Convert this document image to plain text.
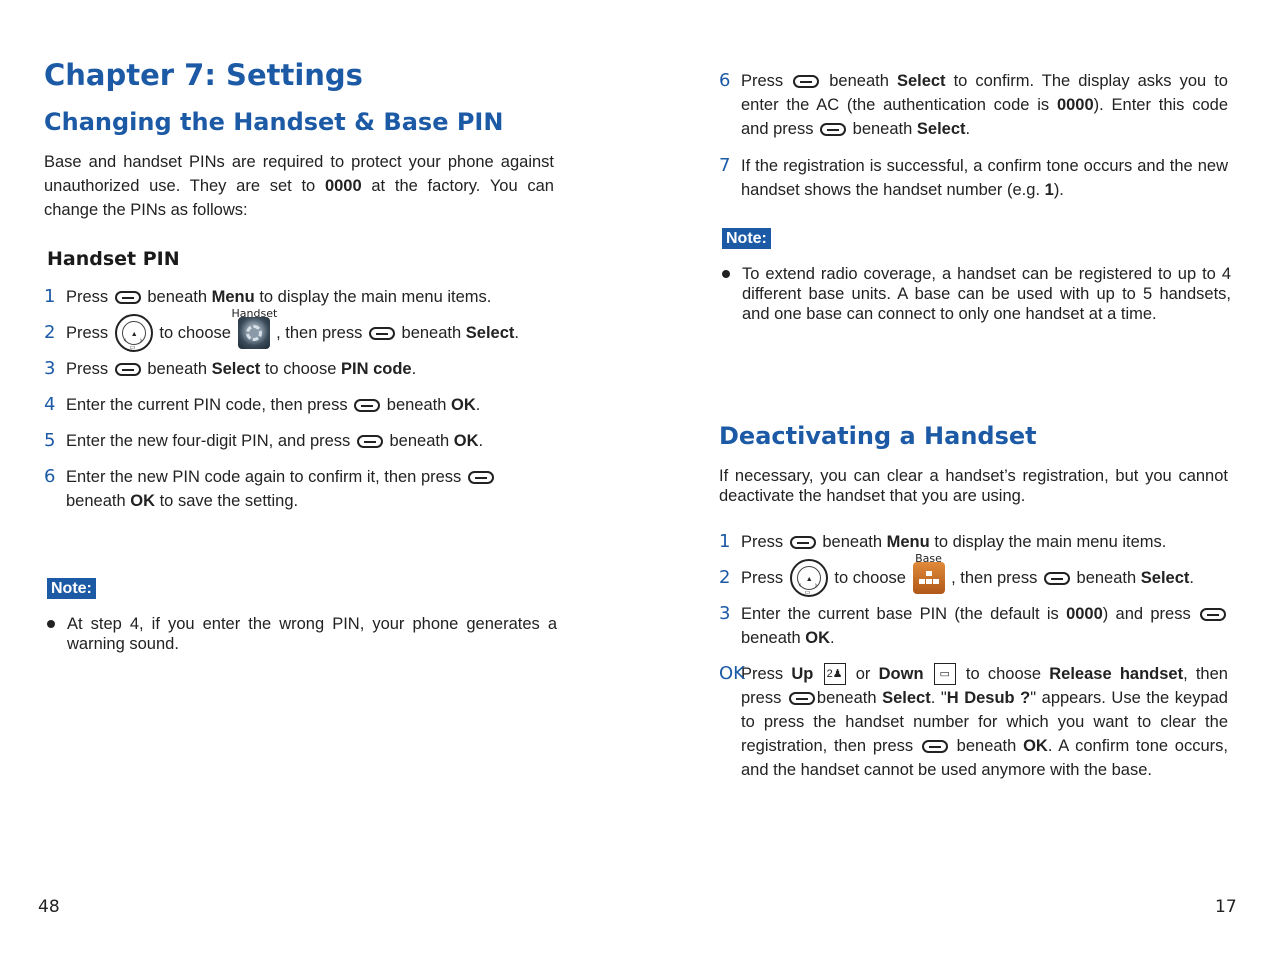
Chapter 7: Settings
Changing the Handset & Base PIN

Base and handset PINs are required to protect your phone against unauthorized use. They are set to 0000 at the factory. You can change the PINs as follows:

Handset PIN
1 Press beneath Menu to display the main menu items.
2 Press	▲
▭
‹ › to choose
Handset
, then press beneath Select.
3 Press beneath Select to choose PIN code.
4 Enter the current PIN code, then press beneath OK.
5 Enter the new four-digit PIN, and press beneath OK.
6 Enter the new PIN code again to confirm it, then press
beneath OK to save the setting.
Note:
At step 4, if you enter the wrong PIN, your phone generates a warning sound.
48
6 Press	beneath Select to confirm. The display asks you to enter the AC (the authentication code is 0000). Enter this code and press beneath Select.
7 If the registration is successful, a confirm tone occurs and the new handset shows the handset number (e.g. 1).
Note:
To extend radio coverage, a handset can be registered to up to 4 different base units. A base can be used with up to 5 handsets, and one base can connect to only one handset at a time.
Deactivating a Handset

If necessary, you can clear a handset’s registration, but you cannot deactivate the handset that you are using.

1 Press beneath Menu to display the main menu items.
2 Press	▲
▭
‹ › to choose
Base
, then press beneath Select.
3 Enter the current base PIN (the default is 0000) and press  beneath OK.
OK
Press Up 2♟ or Down ▭ to choose Release handset, then press beneath Select. "H Desub ?" appears. Use the keypad to press the handset number for which you want to clear the registration, then press	beneath OK. A confirm tone occurs, and the handset cannot be used anymore with the base.
17
